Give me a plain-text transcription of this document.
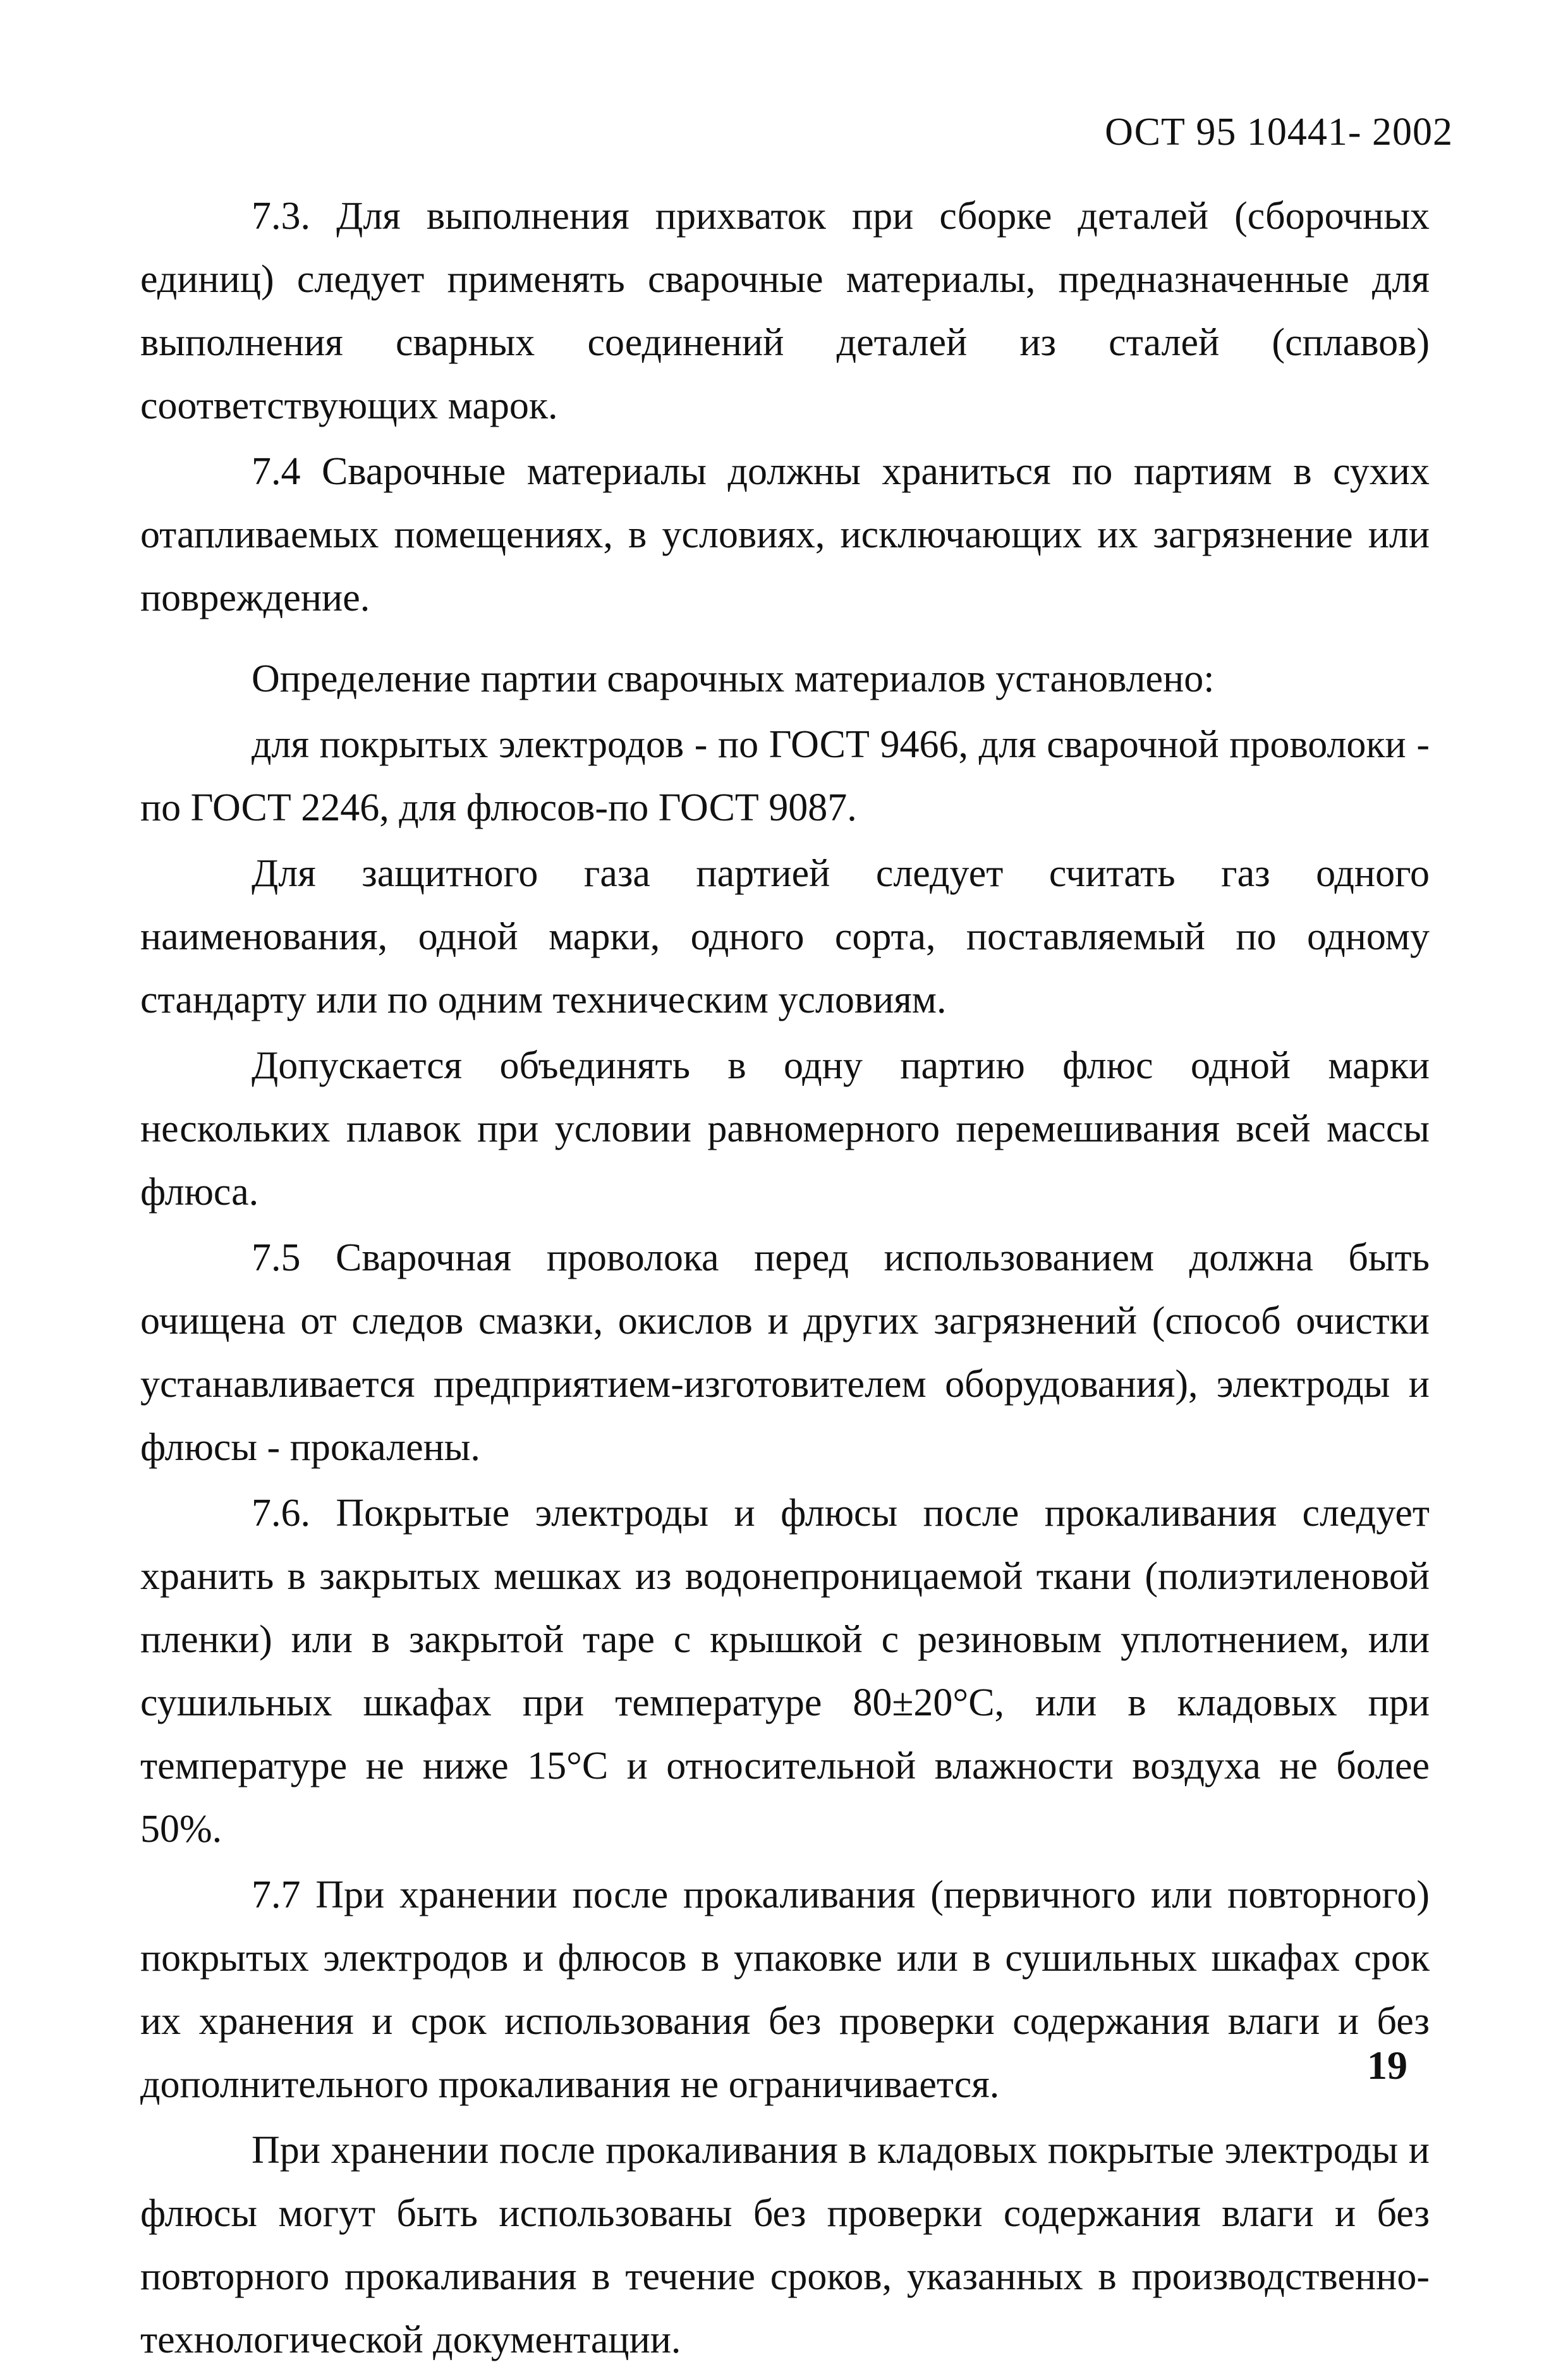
ОСТ 95 10441- 2002

7.3. Для выполнения прихваток при сборке деталей (сборочных единиц) следует применять сварочные материалы, предназначенные для выполнения сварных соединений деталей из сталей (сплавов) соответствующих марок.

7.4 Сварочные материалы должны храниться по партиям в сухих отапливаемых помещениях, в условиях, исключающих их загрязнение или повреждение.

Определение партии сварочных материалов установлено:

для покрытых электродов - по ГОСТ 9466, для сварочной проволоки - по ГОСТ 2246, для флюсов-по ГОСТ 9087.

Для защитного газа партией следует считать газ одного наименования, одной марки, одного сорта, поставляемый по одному стандарту или по одним техническим условиям.

Допускается объединять в одну партию флюс одной марки нескольких плавок при условии равномерного перемешивания всей массы флюса.

7.5 Сварочная проволока перед использованием должна быть очищена от следов смазки, окислов и других загрязнений (способ очистки устанавливается предприятием-изготовителем оборудования), электроды и флюсы - прокалены.

7.6. Покрытые электроды и флюсы после прокаливания следует хранить в закрытых мешках из водонепроницаемой ткани (полиэтиленовой пленки) или в закрытой таре с крышкой с резиновым уплотнением, или сушильных шкафах при температуре 80±20°С, или в кладовых при температуре не ниже 15°С и относительной влажности воздуха не более 50%.

7.7 При хранении после прокаливания (первичного или повторного) покрытых электродов и флюсов в упаковке или в сушильных шкафах срок их хранения и срок использования без проверки содержания влаги и без дополнительного прокаливания не ограничивается.

При хранении после прокаливания в кладовых покрытые электроды и флюсы могут быть использованы без проверки содержания влаги и без повторного прокаливания в течение сроков, указанных в производственно-технологической документации.

19
